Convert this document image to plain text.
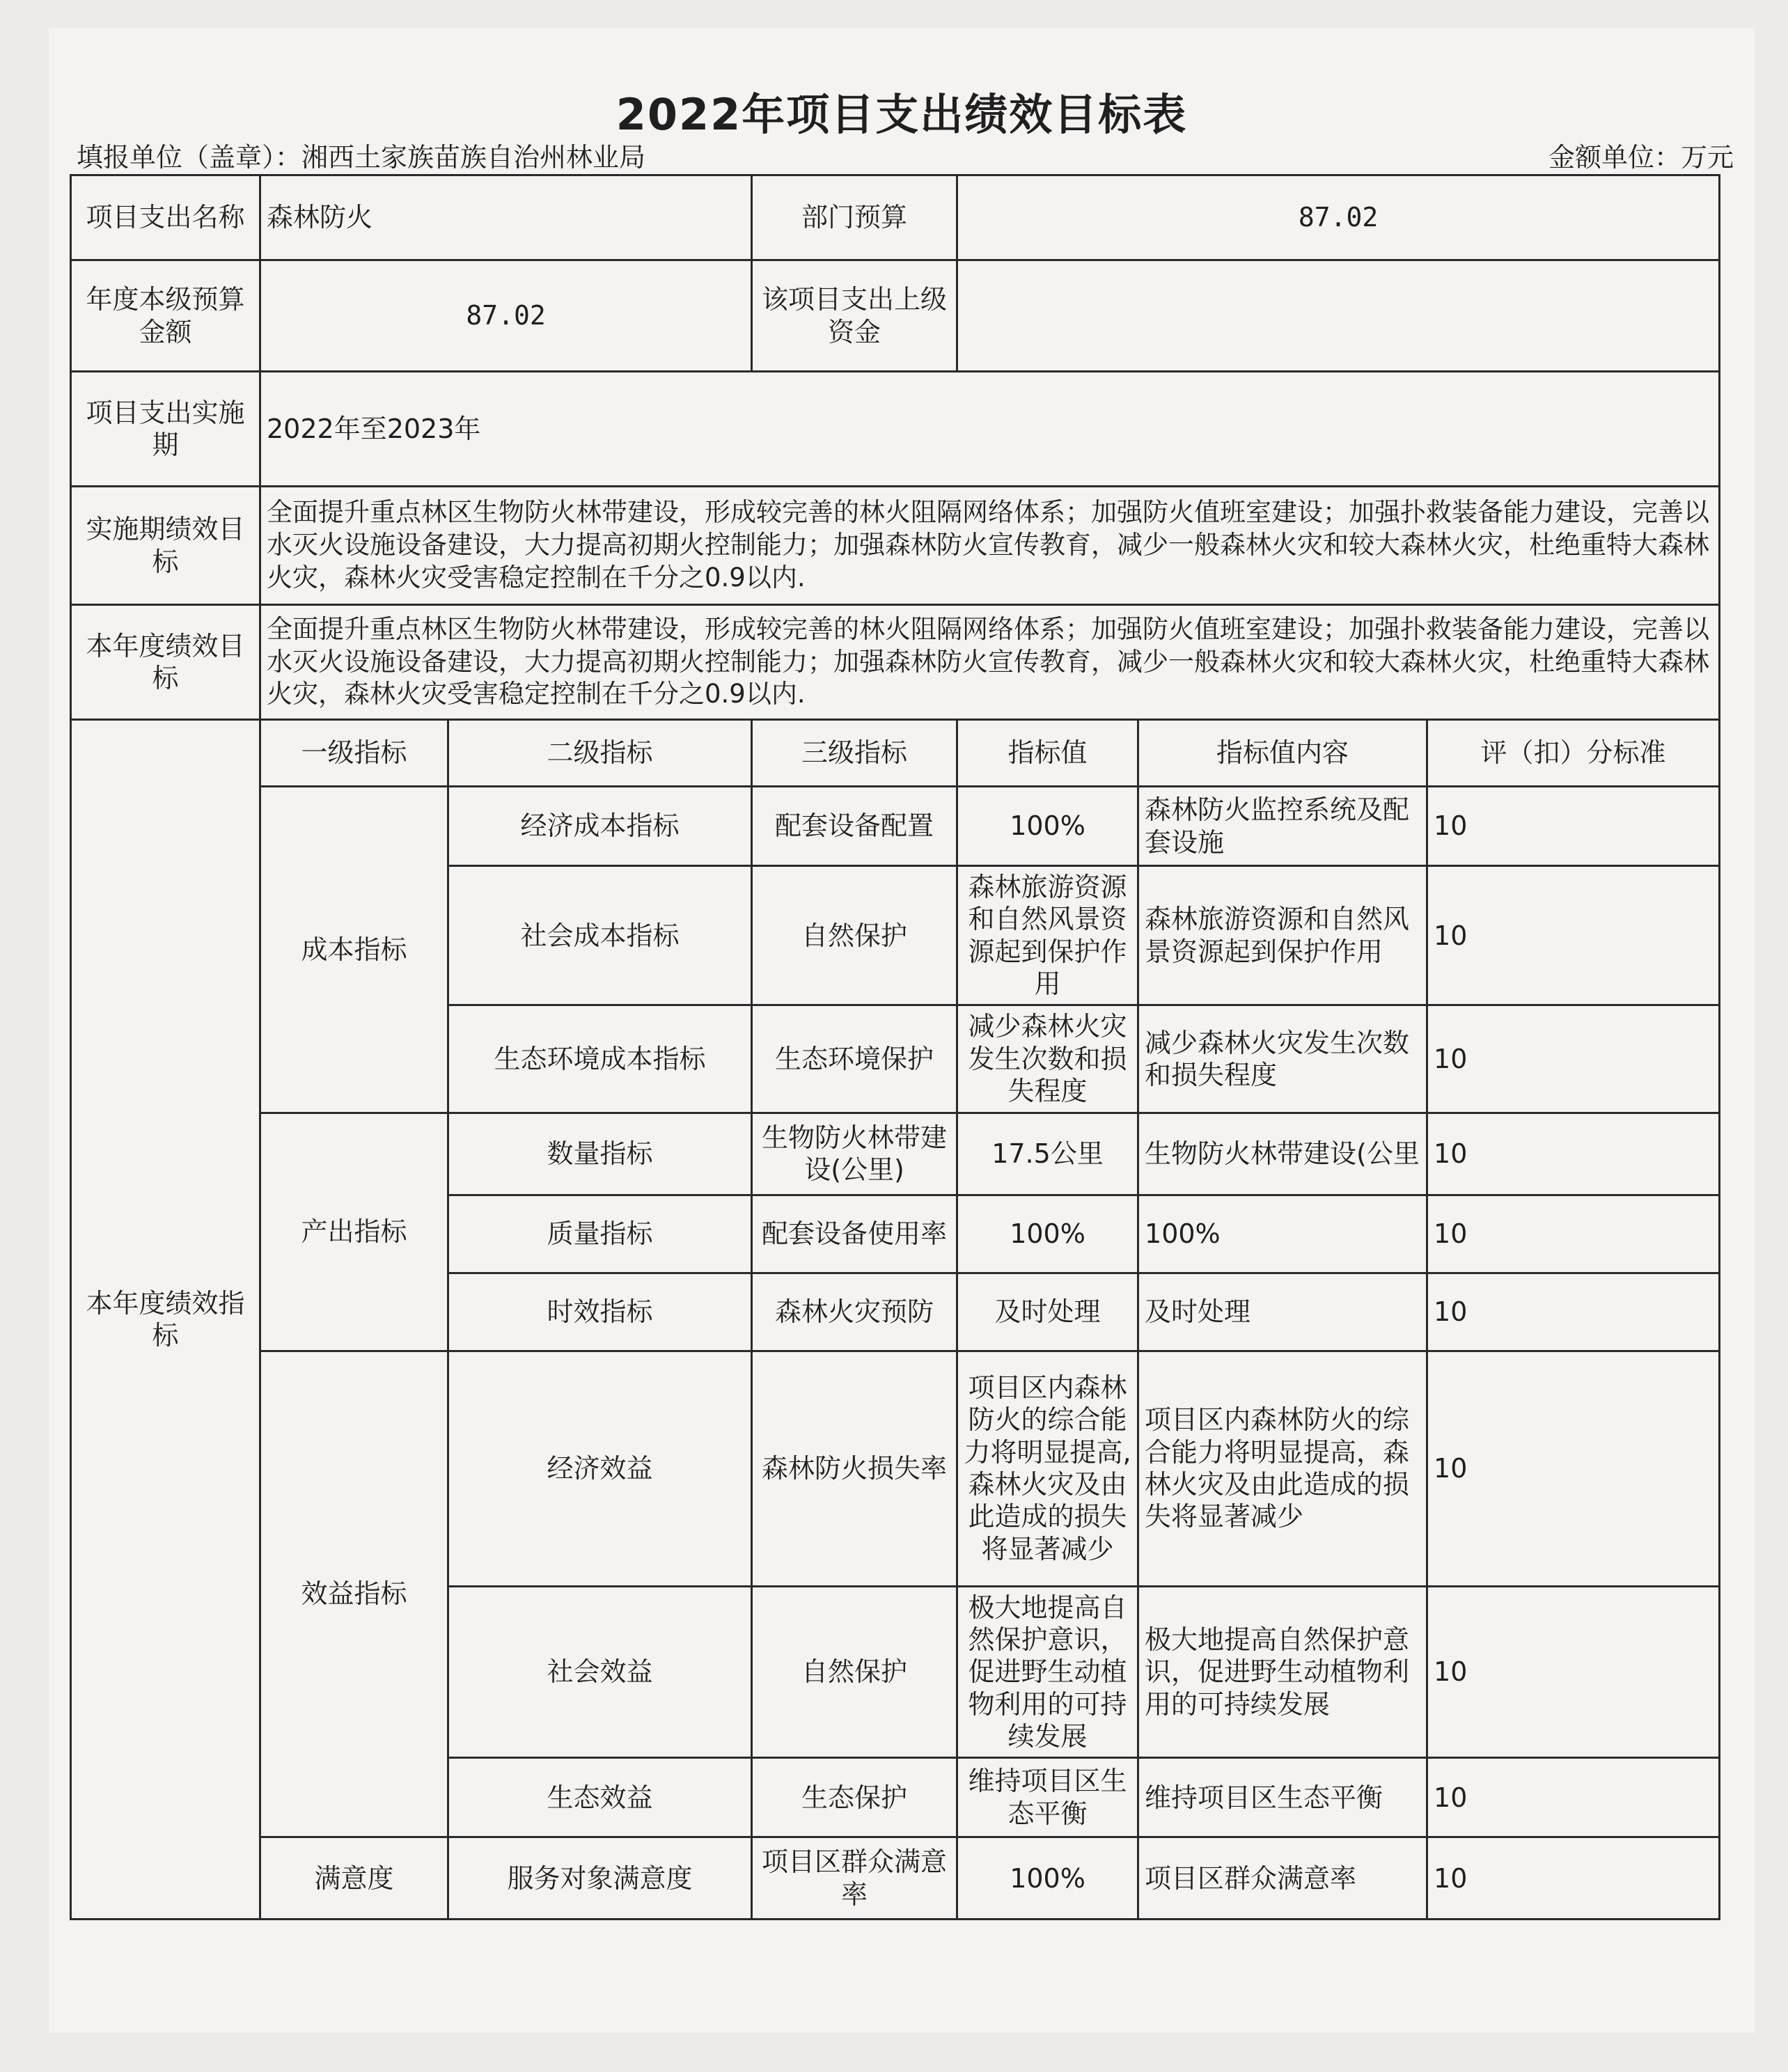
2022年项目支出绩效目标表
填报单位（盖章）：湘西土家族苗族自治州林业局	金额单位：万元
项目支出名称	森林防火		部门预算	87.02		
年度本级预算金额	87.02		该项目支出上级资金			
项目支出实施期	2022年至2023年					
实施期绩效目标	全面提升重点林区生物防火林带建设，形成较完善的林火阻隔网络体系；加强防火值班室建设；加强扑救装备能力建设，完善以水灭火设施设备建设，大力提高初期火控制能力；加强森林防火宣传教育，减少一般森林火灾和较大森林火灾，杜绝重特大森林火灾，森林火灾受害稳定控制在千分之0.9以内.					
本年度绩效目标	全面提升重点林区生物防火林带建设，形成较完善的林火阻隔网络体系；加强防火值班室建设；加强扑救装备能力建设，完善以水灭火设施设备建设，大力提高初期火控制能力；加强森林防火宣传教育，减少一般森林火灾和较大森林火灾，杜绝重特大森林火灾，森林火灾受害稳定控制在千分之0.9以内.					
本年度绩效指标	一级指标	二级指标	三级指标	指标值	指标值内容	评（扣）分标准
	成本指标	经济成本指标	配套设备配置	100%	森林防火监控系统及配套设施	10
		社会成本指标	自然保护	森林旅游资源和自然风景资源起到保护作用	森林旅游资源和自然风景资源起到保护作用	10
		生态环境成本指标	生态环境保护	减少森林火灾发生次数和损失程度	减少森林火灾发生次数和损失程度	10
	产出指标	数量指标	生物防火林带建设(公里)	17.5公里	生物防火林带建设(公里	10
		质量指标	配套设备使用率	100%	100%	10
		时效指标	森林火灾预防	及时处理	及时处理	10
	效益指标	经济效益	森林防火损失率	项目区内森林防火的综合能力将明显提高,森林火灾及由此造成的损失将显著减少	项目区内森林防火的综合能力将明显提高，森林火灾及由此造成的损失将显著减少	10
		社会效益	自然保护	极大地提高自然保护意识，促进野生动植物利用的可持续发展	极大地提高自然保护意识，促进野生动植物利用的可持续发展	10
		生态效益	生态保护	维持项目区生态平衡	维持项目区生态平衡	10
	满意度	服务对象满意度	项目区群众满意率	100%	项目区群众满意率	10
